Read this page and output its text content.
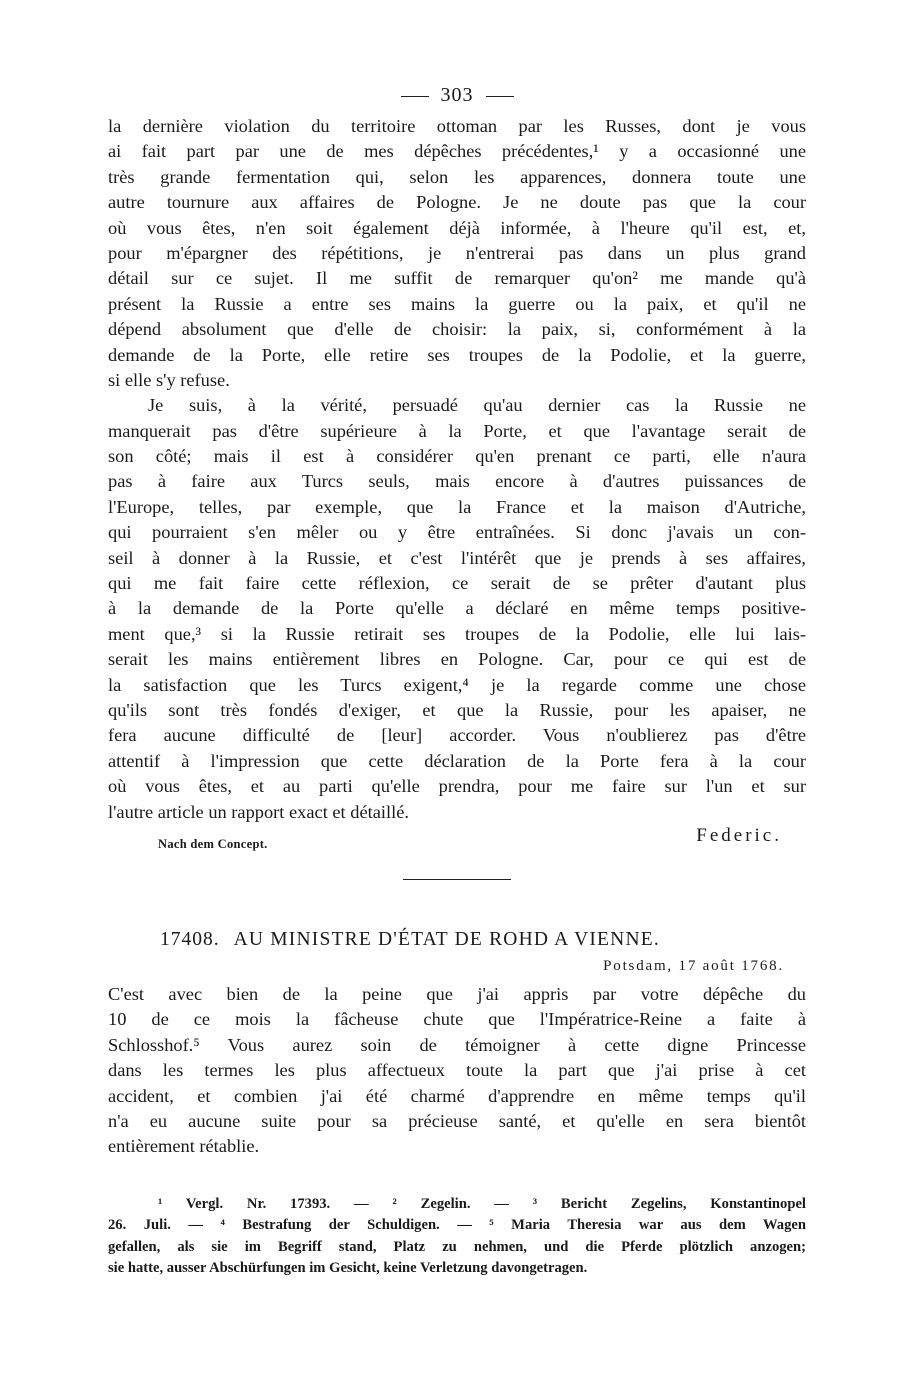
303
la dernière violation du territoire ottoman par les Russes, dont je vous
ai fait part par une de mes dépêches précédentes,¹ y a occasionné une
très grande fermentation qui, selon les apparences, donnera toute une
autre tournure aux affaires de Pologne. Je ne doute pas que la cour
où vous êtes, n'en soit également déjà informée, à l'heure qu'il est, et,
pour m'épargner des répétitions, je n'entrerai pas dans un plus grand
détail sur ce sujet. Il me suffit de remarquer qu'on² me mande qu'à
présent la Russie a entre ses mains la guerre ou la paix, et qu'il ne
dépend absolument que d'elle de choisir: la paix, si, conformément à la
demande de la Porte, elle retire ses troupes de la Podolie, et la guerre,
si elle s'y refuse.
Je suis, à la vérité, persuadé qu'au dernier cas la Russie ne
manquerait pas d'être supérieure à la Porte, et que l'avantage serait de
son côté; mais il est à considérer qu'en prenant ce parti, elle n'aura
pas à faire aux Turcs seuls, mais encore à d'autres puissances de
l'Europe, telles, par exemple, que la France et la maison d'Autriche,
qui pourraient s'en mêler ou y être entraînées. Si donc j'avais un con-
seil à donner à la Russie, et c'est l'intérêt que je prends à ses affaires,
qui me fait faire cette réflexion, ce serait de se prêter d'autant plus
à la demande de la Porte qu'elle a déclaré en même temps positive-
ment que,³ si la Russie retirait ses troupes de la Podolie, elle lui lais-
serait les mains entièrement libres en Pologne. Car, pour ce qui est de
la satisfaction que les Turcs exigent,⁴ je la regarde comme une chose
qu'ils sont très fondés d'exiger, et que la Russie, pour les apaiser, ne
fera aucune difficulté de [leur] accorder. Vous n'oublierez pas d'être
attentif à l'impression que cette déclaration de la Porte fera à la cour
où vous êtes, et au parti qu'elle prendra, pour me faire sur l'un et sur
l'autre article un rapport exact et détaillé.
Nach dem Concept.	Federic.
17408. AU MINISTRE D'ÉTAT DE ROHD A VIENNE.
Potsdam, 17 août 1768.
C'est avec bien de la peine que j'ai appris par votre dépêche du
10 de ce mois la fâcheuse chute que l'Impératrice-Reine a faite à
Schlosshof.⁵ Vous aurez soin de témoigner à cette digne Princesse
dans les termes les plus affectueux toute la part que j'ai prise à cet
accident, et combien j'ai été charmé d'apprendre en même temps qu'il
n'a eu aucune suite pour sa précieuse santé, et qu'elle en sera bientôt
entièrement rétablie.
¹ Vergl. Nr. 17393. — ² Zegelin. — ³ Bericht Zegelins, Konstantinopel
26. Juli. — ⁴ Bestrafung der Schuldigen. — ⁵ Maria Theresia war aus dem Wagen
gefallen, als sie im Begriff stand, Platz zu nehmen, und die Pferde plötzlich anzogen;
sie hatte, ausser Abschürfungen im Gesicht, keine Verletzung davongetragen.
